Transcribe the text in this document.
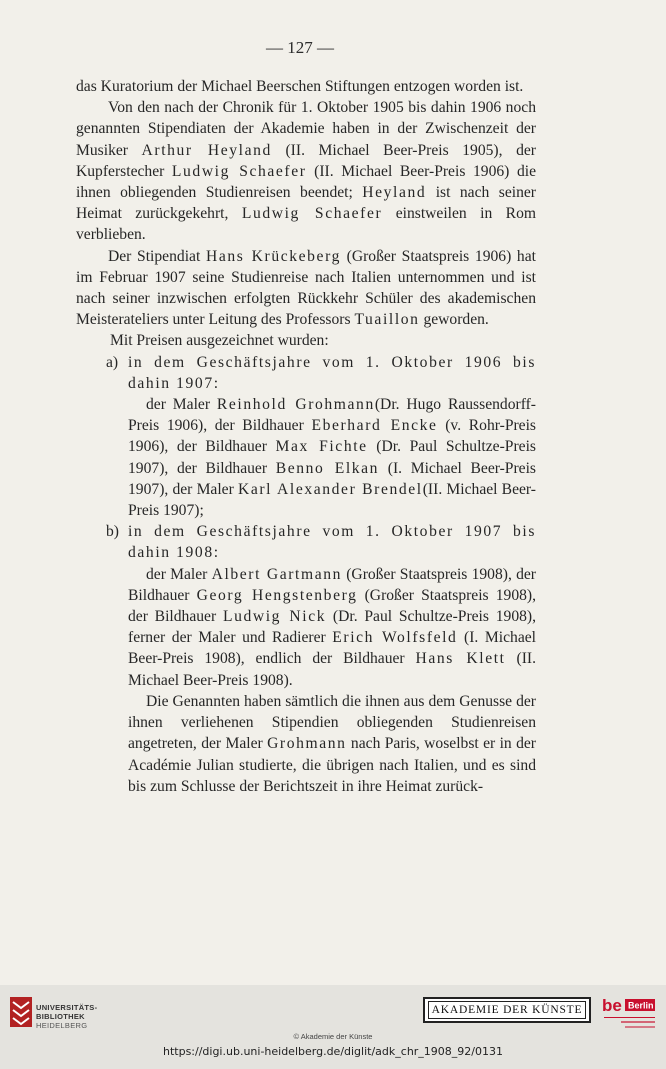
— 127 —

das Kuratorium der Michael Beerschen Stiftungen entzogen worden ist.

Von den nach der Chronik für 1. Oktober 1905 bis dahin 1906 noch genannten Stipendiaten der Akademie haben in der Zwischenzeit der Musiker Arthur Heyland (II. Michael Beer-Preis 1905), der Kupferstecher Ludwig Schaefer (II. Michael Beer-Preis 1906) die ihnen obliegenden Studienreisen beendet; Heyland ist nach seiner Heimat zurückgekehrt, Ludwig Schaefer einstweilen in Rom verblieben.

Der Stipendiat Hans Krückeberg (Großer Staatspreis 1906) hat im Februar 1907 seine Studienreise nach Italien unternommen und ist nach seiner inzwischen erfolgten Rückkehr Schüler des akademischen Meisterateliers unter Leitung des Professors Tuaillon geworden.

Mit Preisen ausgezeichnet wurden:

a) in dem Geschäftsjahre vom 1. Oktober 1906 bis dahin 1907:

der Maler Reinhold Grohmann(Dr. Hugo Raussendorff-Preis 1906), der Bildhauer Eberhard Encke (v. Rohr-Preis 1906), der Bildhauer Max Fichte (Dr. Paul Schultze-Preis 1907), der Bildhauer Benno Elkan (I. Michael Beer-Preis 1907), der Maler Karl Alexander Brendel(II. Michael Beer-Preis 1907);

b) in dem Geschäftsjahre vom 1. Oktober 1907 bis dahin 1908:

der Maler Albert Gartmann (Großer Staatspreis 1908), der Bildhauer Georg Hengstenberg (Großer Staatspreis 1908), der Bildhauer Ludwig Nick (Dr. Paul Schultze-Preis 1908), ferner der Maler und Radierer Erich Wolfsfeld (I. Michael Beer-Preis 1908), endlich der Bildhauer Hans Klett (II. Michael Beer-Preis 1908).

Die Genannten haben sämtlich die ihnen aus dem Genusse der ihnen verliehenen Stipendien obliegenden Studienreisen angetreten, der Maler Grohmann nach Paris, woselbst er in der Académie Julian studierte, die übrigen nach Italien, und es sind bis zum Schlusse der Berichtszeit in ihre Heimat zurück-

UNIVERSITÄTS-
BIBLIOTHEK
HEIDELBERG
AKADEMIE DER KÜNSTE be Berlin
© Akademie der Künste
https://digi.ub.uni-heidelberg.de/diglit/adk_chr_1908_92/0131
